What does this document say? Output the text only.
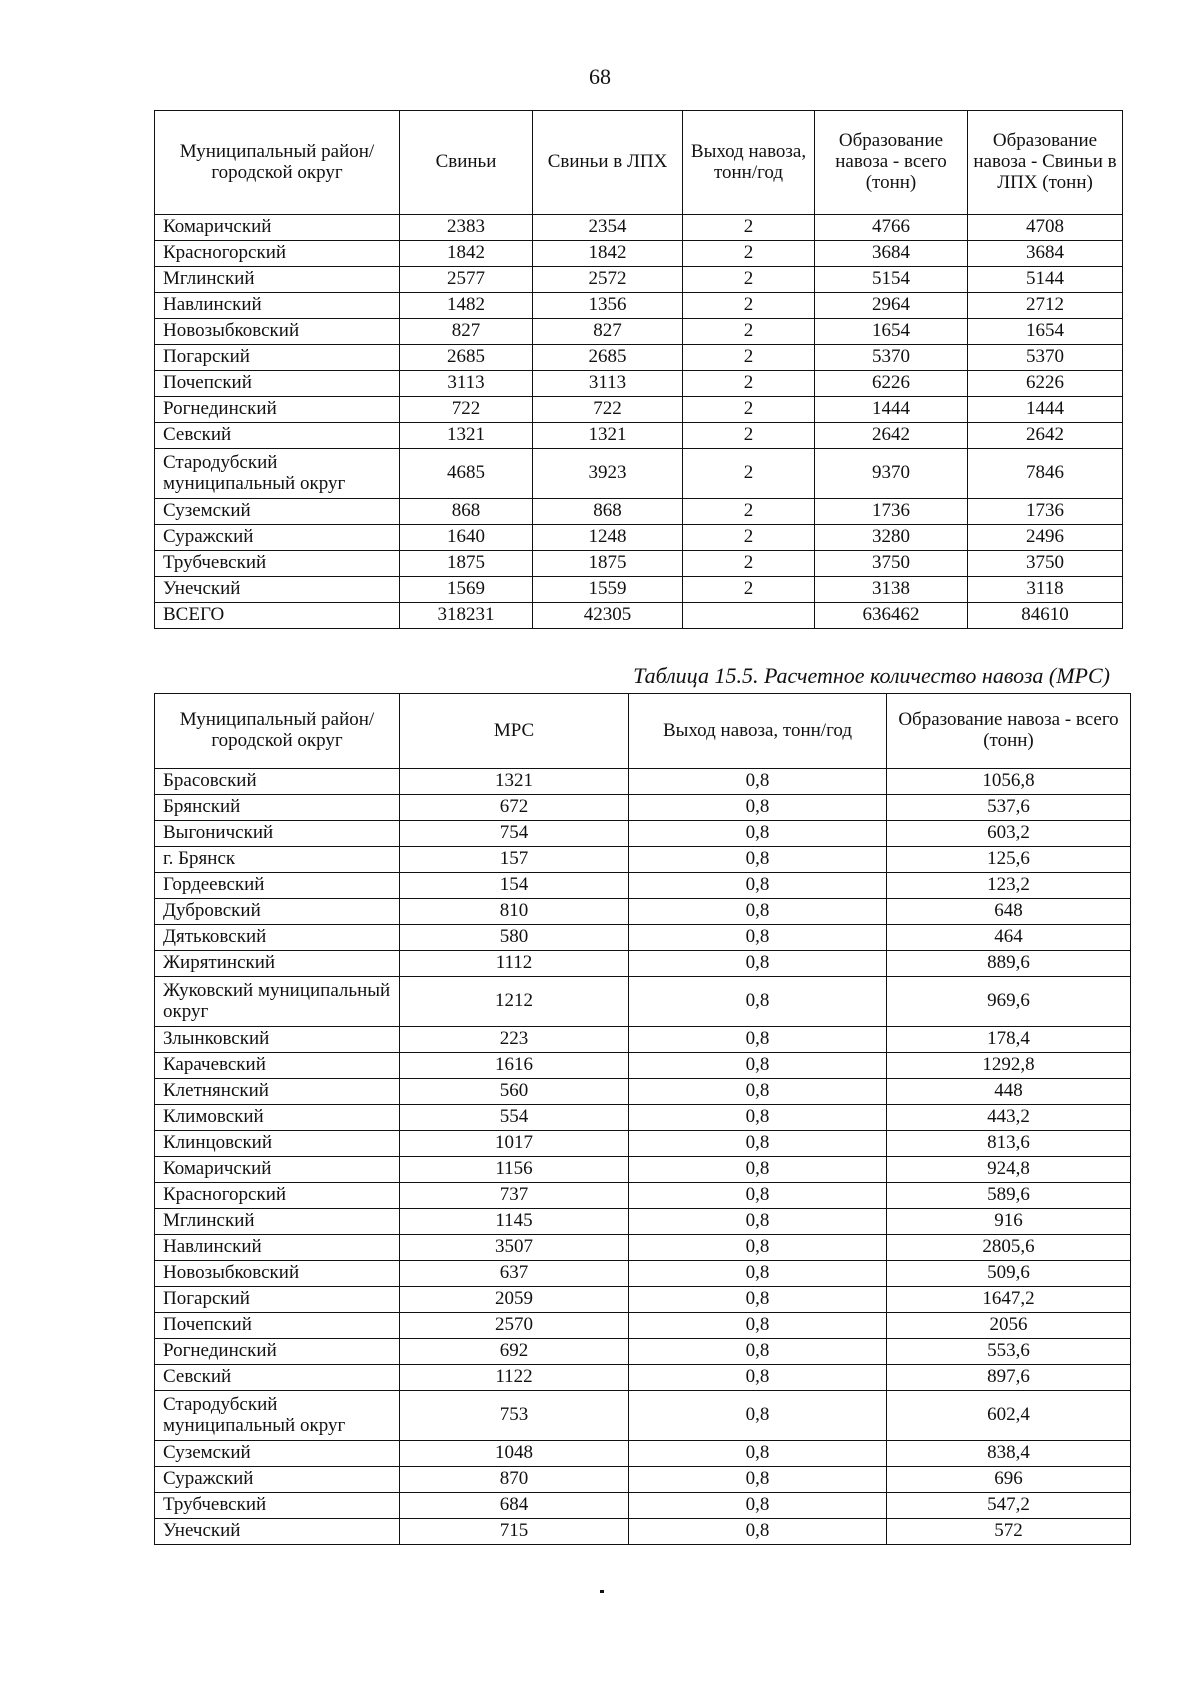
68
Муниципальный район/городской округ	Свиньи	Свиньи в ЛПХ	Выход навоза, тонн/год	Образование навоза - всего (тонн)	Образование навоза - Свиньи в ЛПХ (тонн)
Комаричский	2383	2354	2	4766	4708
Красногорский	1842	1842	2	3684	3684
Мглинский	2577	2572	2	5154	5144
Навлинский	1482	1356	2	2964	2712
Новозыбковский	827	827	2	1654	1654
Погарский	2685	2685	2	5370	5370
Почепский	3113	3113	2	6226	6226
Рогнединский	722	722	2	1444	1444
Севский	1321	1321	2	2642	2642
Стародубский муниципальный округ	4685	3923	2	9370	7846
Суземский	868	868	2	1736	1736
Суражский	1640	1248	2	3280	2496
Трубчевский	1875	1875	2	3750	3750
Унечский	1569	1559	2	3138	3118
ВСЕГО	318231	42305		636462	84610
Таблица 15.5. Расчетное количество навоза (МРС)
Муниципальный район/городской округ	МРС	Выход навоза, тонн/год	Образование навоза - всего (тонн)
Брасовский	1321	0,8	1056,8
Брянский	672	0,8	537,6
Выгоничский	754	0,8	603,2
г. Брянск	157	0,8	125,6
Гордеевский	154	0,8	123,2
Дубровский	810	0,8	648
Дятьковский	580	0,8	464
Жирятинский	1112	0,8	889,6
Жуковский муниципальный округ	1212	0,8	969,6
Злынковский	223	0,8	178,4
Карачевский	1616	0,8	1292,8
Клетнянский	560	0,8	448
Климовский	554	0,8	443,2
Клинцовский	1017	0,8	813,6
Комаричский	1156	0,8	924,8
Красногорский	737	0,8	589,6
Мглинский	1145	0,8	916
Навлинский	3507	0,8	2805,6
Новозыбковский	637	0,8	509,6
Погарский	2059	0,8	1647,2
Почепский	2570	0,8	2056
Рогнединский	692	0,8	553,6
Севский	1122	0,8	897,6
Стародубский муниципальный округ	753	0,8	602,4
Суземский	1048	0,8	838,4
Суражский	870	0,8	696
Трубчевский	684	0,8	547,2
Унечский	715	0,8	572
